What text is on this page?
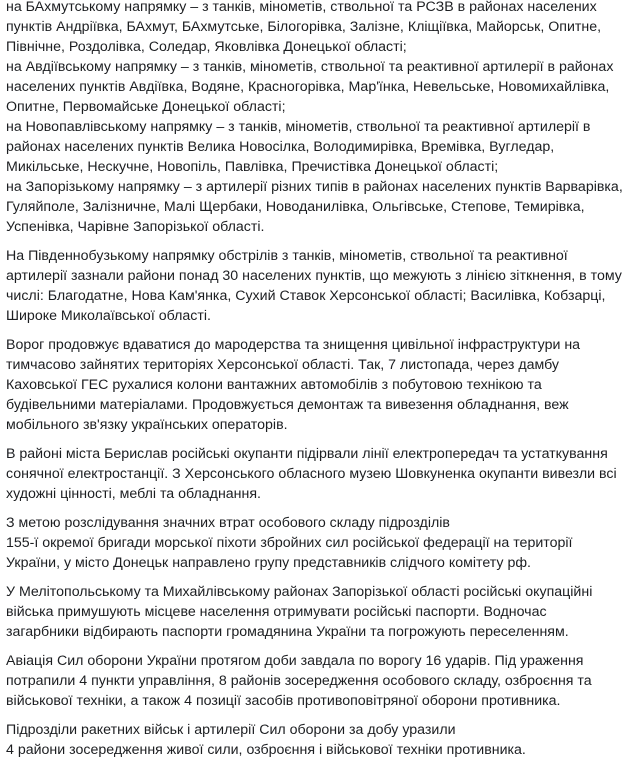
на БАхмутському напрямку – з танків, мінометів, ствольної та РСЗВ в районах населених
пунктів Андріївка, БАхмут, БАхмутське, Білогорівка, Залізне, Кліщіївка, Майорськ, Опитне,
Північне, Роздолівка, Соледар, Яковлівка Донецької області;
на Авдіївському напрямку – з танків, мінометів, ствольної та реактивної артилерії в районах
населених пунктів Авдіївка, Водяне, Красногорівка, Мар'їнка, Невельське, Новомихайлівка,
Опитне, Первомайське Донецької області;
на Новопавлівському напрямку – з танків, мінометів, ствольної та реактивної артилерії в
районах населених пунктів Велика Новосілка, Володимирівка, Времівка, Вугледар,
Микільське, Нескучне, Новопіль, Павлівка, Пречистівка Донецької області;
на Запорізькому напрямку – з артилерії різних типів в районах населених пунктів Варварівка,
Гуляйполе, Залізничне, Малі Щербаки, Новоданилівка, Ольгівське, Степове, Темирівка,
Успенівка, Чарівне Запорізької області.

На Південнобузькому напрямку обстрілів з танків, мінометів, ствольної та реактивної
артилерії зазнали райони понад 30 населених пунктів, що межують з лінією зіткнення, в тому
числі: Благодатне, Нова Кам'янка, Сухий Ставок Херсонської області; Василівка, Кобзарці,
Широке Миколаївської області.

Ворог продовжує вдаватися до мародерства та знищення цивільної інфраструктури на
тимчасово зайнятих територіях Херсонської області. Так, 7 листопада, через дамбу
Каховської ГЕС рухалися колони вантажних автомобілів з побутовою технікою та
будівельними матеріалами. Продовжується демонтаж та вивезення обладнання, веж
мобільного зв'язку українських операторів.

В районі міста Берислав російські окупанти підірвали лінії електропередач та устаткування
сонячної електростанції. З Херсонського обласного музею Шовкуненка окупанти вивезли всі
художні цінності, меблі та обладнання.

З метою розслідування значних втрат особового складу підрозділів
155-ї окремої бригади морської піхоти збройних сил російської федерації на території
України, у місто Донецьк направлено групу представників слідчого комітету рф.

У Мелітопольському та Михайлівському районах Запорізької області російські окупаційні
війська примушують місцеве населення отримувати російські паспорти. Водночас
загарбники відбирають паспорти громадянина України та погрожують переселенням.

Авіація Сил оборони України протягом доби завдала по ворогу 16 ударів. Під ураження
потрапили 4 пункти управління, 8 районів зосередження особового складу, озброєння та
військової техніки, а також 4 позиції засобів противоповітряної оборони противника.

Підрозділи ракетних військ і артилерії Сил оборони за добу уразили
4 райони зосередження живої сили, озброєння і військової техніки противника.
